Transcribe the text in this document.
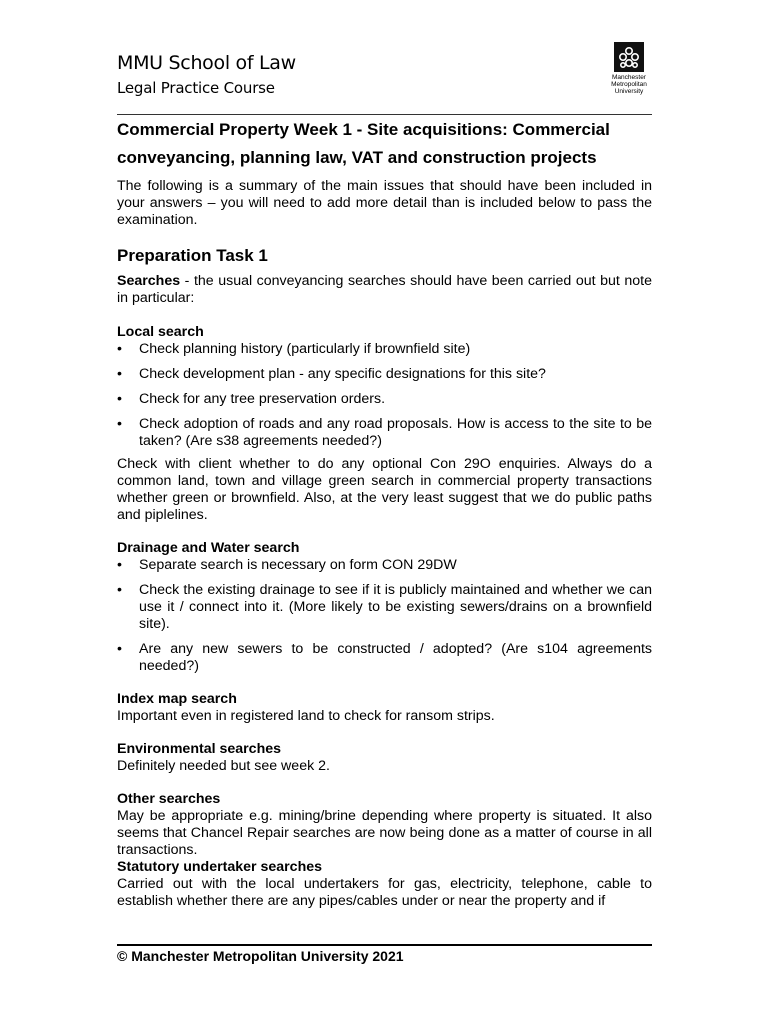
MMU School of Law
Legal Practice Course
Manchester
Metropolitan
University

Commercial Property Week 1 - Site acquisitions: Commercial conveyancing, planning law, VAT and construction projects

The following is a summary of the main issues that should have been included in your answers – you will need to add more detail than is included below to pass the examination.

Preparation Task 1

Searches - the usual conveyancing searches should have been carried out but note in particular:

Local search

• Check planning history (particularly if brownfield site)
• Check development plan - any specific designations for this site?
• Check for any tree preservation orders.
• Check adoption of roads and any road proposals. How is access to the site to be taken? (Are s38 agreements needed?)

Check with client whether to do any optional Con 29O enquiries. Always do a common land, town and village green search in commercial property transactions whether green or brownfield. Also, at the very least suggest that we do public paths and piplelines.

Drainage and Water search

• Separate search is necessary on form CON 29DW
• Check the existing drainage to see if it is publicly maintained and whether we can use it / connect into it. (More likely to be existing sewers/drains on a brownfield site).
• Are any new sewers to be constructed / adopted? (Are s104 agreements needed?)

Index map search

Important even in registered land to check for ransom strips.

Environmental searches

Definitely needed but see week 2.

Other searches

May be appropriate e.g. mining/brine depending where property is situated. It also seems that Chancel Repair searches are now being done as a matter of course in all transactions.

Statutory undertaker searches

Carried out with the local undertakers for gas, electricity, telephone, cable to establish whether there are any pipes/cables under or near the property and if

© Manchester Metropolitan University 2021
